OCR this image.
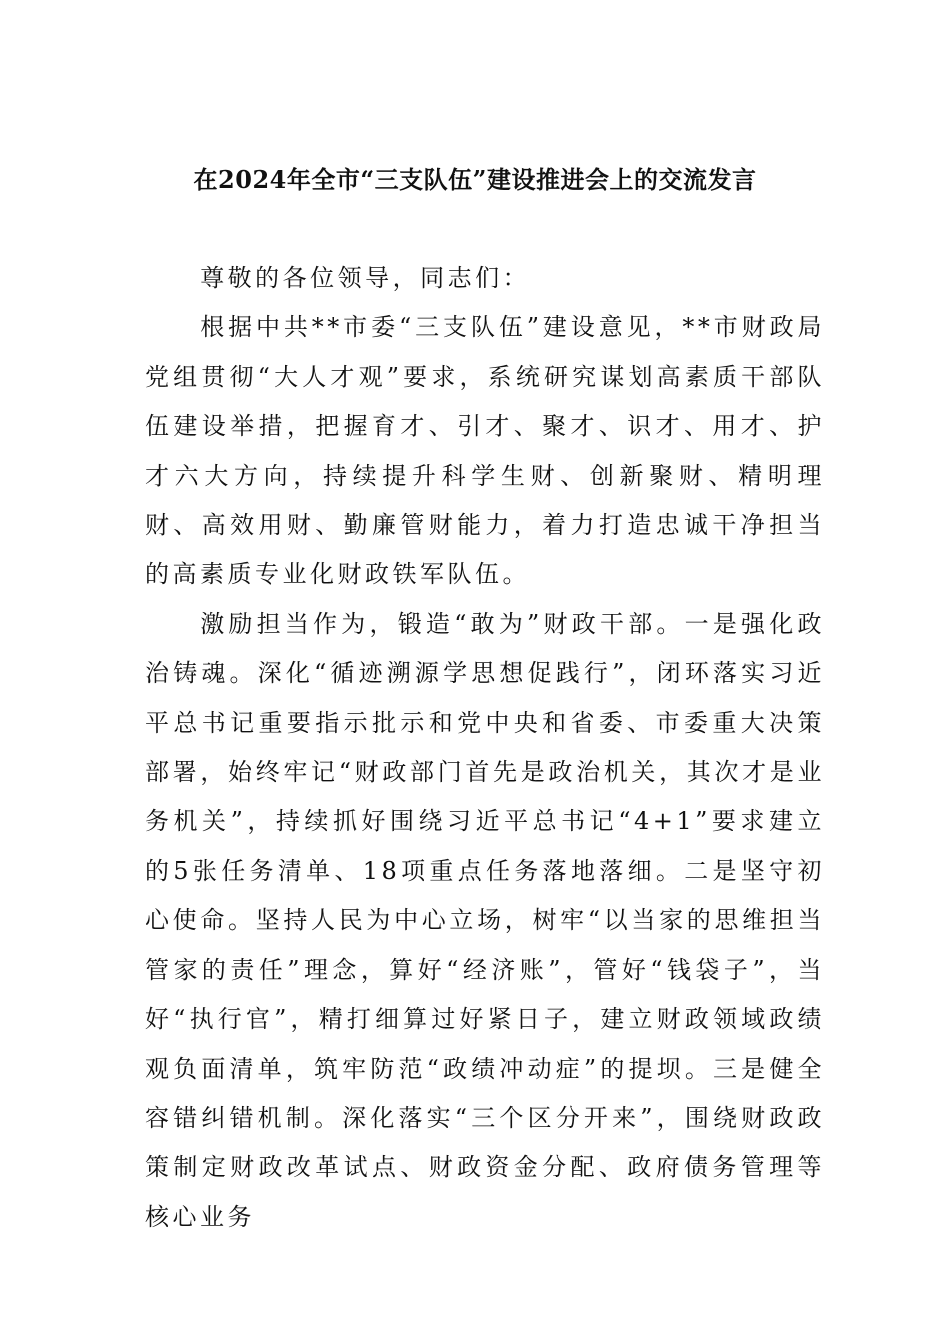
在2024年全市“三支队伍”建设推进会上的交流发言

尊敬的各位领导，同志们：

根据中共**市委“三支队伍”建设意见，**市财政局党组贯彻“大人才观”要求，系统研究谋划高素质干部队伍建设举措，把握育才、引才、聚才、识才、用才、护才六大方向，持续提升科学生财、创新聚财、精明理财、高效用财、勤廉管财能力，着力打造忠诚干净担当的高素质专业化财政铁军队伍。

激励担当作为，锻造“敢为”财政干部。一是强化政治铸魂。深化“循迹溯源学思想促践行”，闭环落实习近平总书记重要指示批示和党中央和省委、市委重大决策部署，始终牢记“财政部门首先是政治机关，其次才是业务机关”，持续抓好围绕习近平总书记“4+1”要求建立的5张任务清单、18项重点任务落地落细。二是坚守初心使命。坚持人民为中心立场，树牢“以当家的思维担当管家的责任”理念，算好“经济账”，管好“钱袋子”，当好“执行官”，精打细算过好紧日子，建立财政领域政绩观负面清单，筑牢防范“政绩冲动症”的提坝。三是健全容错纠错机制。深化落实“三个区分开来”，围绕财政政策制定财政改革试点、财政资金分配、政府债务管理等核心业务
